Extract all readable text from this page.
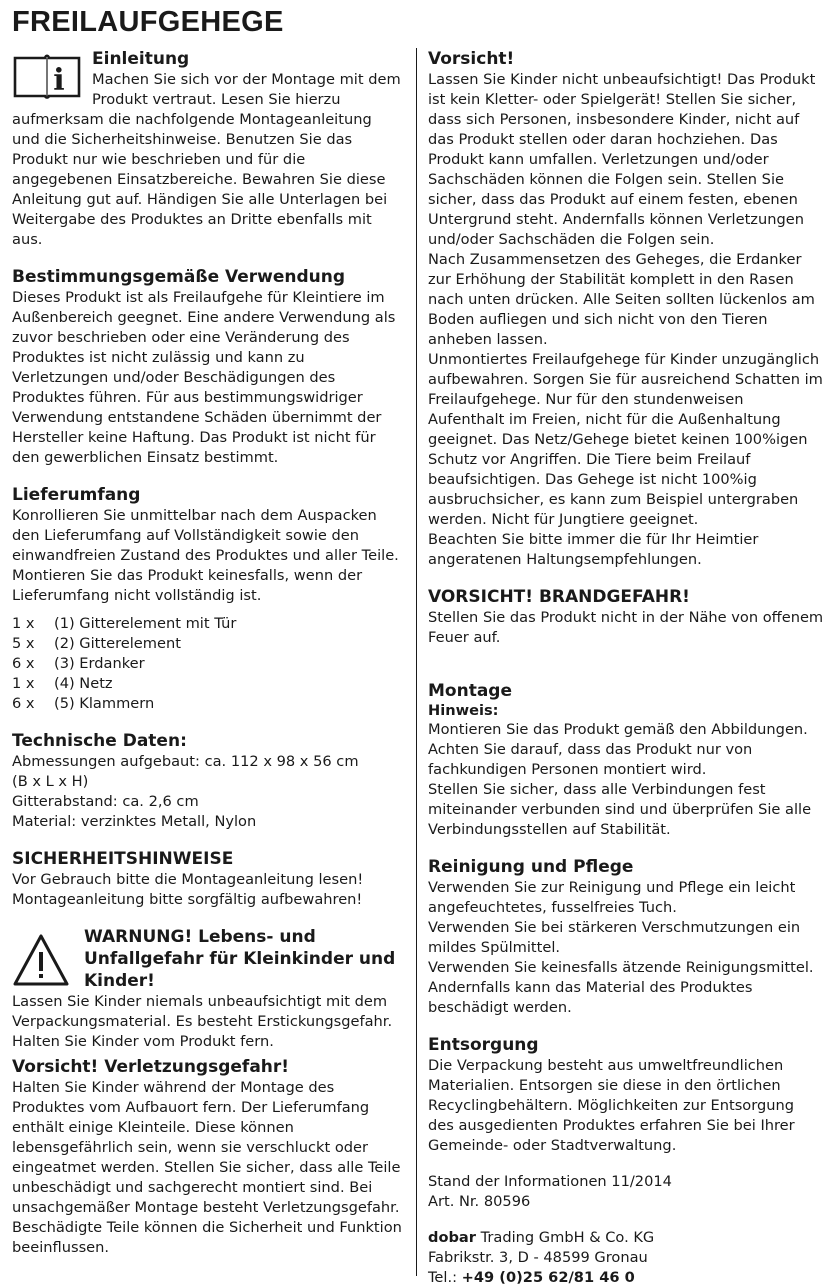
FREILAUFGEHEGE
i
Einleitung

Machen Sie sich vor der Montage mit dem Produkt vertraut. Lesen Sie hierzu aufmerksam die nachfolgende Montageanleitung und die Sicherheitshinweise. Benutzen Sie das Produkt nur wie beschrieben und für die angegebenen Einsatzbereiche. Bewahren Sie diese Anleitung gut auf. Händigen Sie alle Unterlagen bei Weitergabe des Produktes an Dritte ebenfalls mit aus.

Bestimmungsgemäße Verwendung

Dieses Produkt ist als Freilaufgehe für Kleintiere im Außenbereich geegnet. Eine andere Verwendung als zuvor beschrieben oder eine Veränderung des Produktes ist nicht zulässig und kann zu Verletzungen und/oder Beschädigungen des Produktes führen. Für aus bestimmungswidriger Verwendung entstandene Schäden übernimmt der Hersteller keine Haftung. Das Produkt ist nicht für den gewerblichen Einsatz bestimmt.

Lieferumfang

Konrollieren Sie unmittelbar nach dem Auspacken den Lieferumfang auf Vollständigkeit sowie den einwandfreien Zustand des Produktes und aller Teile. Montieren Sie das Produkt keinesfalls, wenn der Lieferumfang nicht vollständig ist.

1 x	(1) Gitterelement mit Tür
5 x	(2) Gitterelement
6 x	(3) Erdanker
1 x	(4) Netz
6 x	(5) Klammern
Technische Daten:
Abmessungen aufgebaut: ca. 112 x 98 x 56 cm
(B x L x H)
Gitterabstand: ca. 2,6 cm
Material: verzinktes Metall, Nylon
SICHERHEITSHINWEISE

Vor Gebrauch bitte die Montageanleitung lesen! Montageanleitung bitte sorgfältig aufbewahren!

WARNUNG! Lebens- und Unfallgefahr für Kleinkinder und Kinder!

Lassen Sie Kinder niemals unbeaufsichtigt mit dem Verpackungsmaterial. Es besteht Erstickungsgefahr. Halten Sie Kinder vom Produkt fern.

Vorsicht! Verletzungsgefahr!

Halten Sie Kinder während der Montage des Produktes vom Aufbauort fern. Der Lieferumfang enthält einige Kleinteile. Diese können lebensgefährlich sein, wenn sie verschluckt oder eingeatmet werden. Stellen Sie sicher, dass alle Teile unbeschädigt und sachgerecht montiert sind. Bei unsachgemäßer Montage besteht Verletzungsgefahr. Beschädigte Teile können die Sicherheit und Funktion beeinflussen.

Vorsicht!

Lassen Sie Kinder nicht unbeaufsichtigt! Das Produkt ist kein Kletter- oder Spielgerät! Stellen Sie sicher, dass sich Personen, insbesondere Kinder, nicht auf das Produkt stellen oder daran hochziehen. Das Produkt kann umfallen. Verletzungen und/oder Sachschäden können die Folgen sein. Stellen Sie sicher, dass das Produkt auf einem festen, ebenen Untergrund steht. Andernfalls können Verletzungen und/oder Sachschäden die Folgen sein.

Nach Zusammensetzen des Geheges, die Erdanker zur Erhöhung der Stabilität komplett in den Rasen nach unten drücken. Alle Seiten sollten lückenlos am Boden aufliegen und sich nicht von den Tieren anheben lassen.

Unmontiertes Freilaufgehege für Kinder unzugänglich aufbewahren. Sorgen Sie für ausreichend Schatten im Freilaufgehege. Nur für den stundenweisen Aufenthalt im Freien, nicht für die Außenhaltung geeignet. Das Netz/Gehege bietet keinen 100%igen Schutz vor Angriffen. Die Tiere beim Freilauf beaufsichtigen. Das Gehege ist nicht 100%ig ausbruchsicher, es kann zum Beispiel untergraben werden. Nicht für Jungtiere geeignet.

Beachten Sie bitte immer die für Ihr Heimtier angeratenen Haltungsempfehlungen.

VORSICHT! BRANDGEFAHR!

Stellen Sie das Produkt nicht in der Nähe von offenem Feuer auf.

Montage
Hinweis:

Montieren Sie das Produkt gemäß den Abbildungen. Achten Sie darauf, dass das Produkt nur von fachkundigen Personen montiert wird.

Stellen Sie sicher, dass alle Verbindungen fest miteinander verbunden sind und überprüfen Sie alle Verbindungsstellen auf Stabilität.

Reinigung und Pflege

Verwenden Sie zur Reinigung und Pflege ein leicht angefeuchtetes, fusselfreies Tuch.

Verwenden Sie bei stärkeren Verschmutzungen ein mildes Spülmittel.

Verwenden Sie keinesfalls ätzende Reinigungsmittel. Andernfalls kann das Material des Produktes beschädigt werden.

Entsorgung

Die Verpackung besteht aus umweltfreundlichen Materialien. Entsorgen sie diese in den örtlichen Recyclingbehältern. Möglichkeiten zur Entsorgung des ausgedienten Produktes erfahren Sie bei Ihrer Gemeinde- oder Stadtverwaltung.

Stand der Informationen 11/2014
Art. Nr. 80596
dobar Trading GmbH & Co. KG
Fabrikstr. 3, D - 48599 Gronau
Tel.: +49 (0)25 62/81 46 0
